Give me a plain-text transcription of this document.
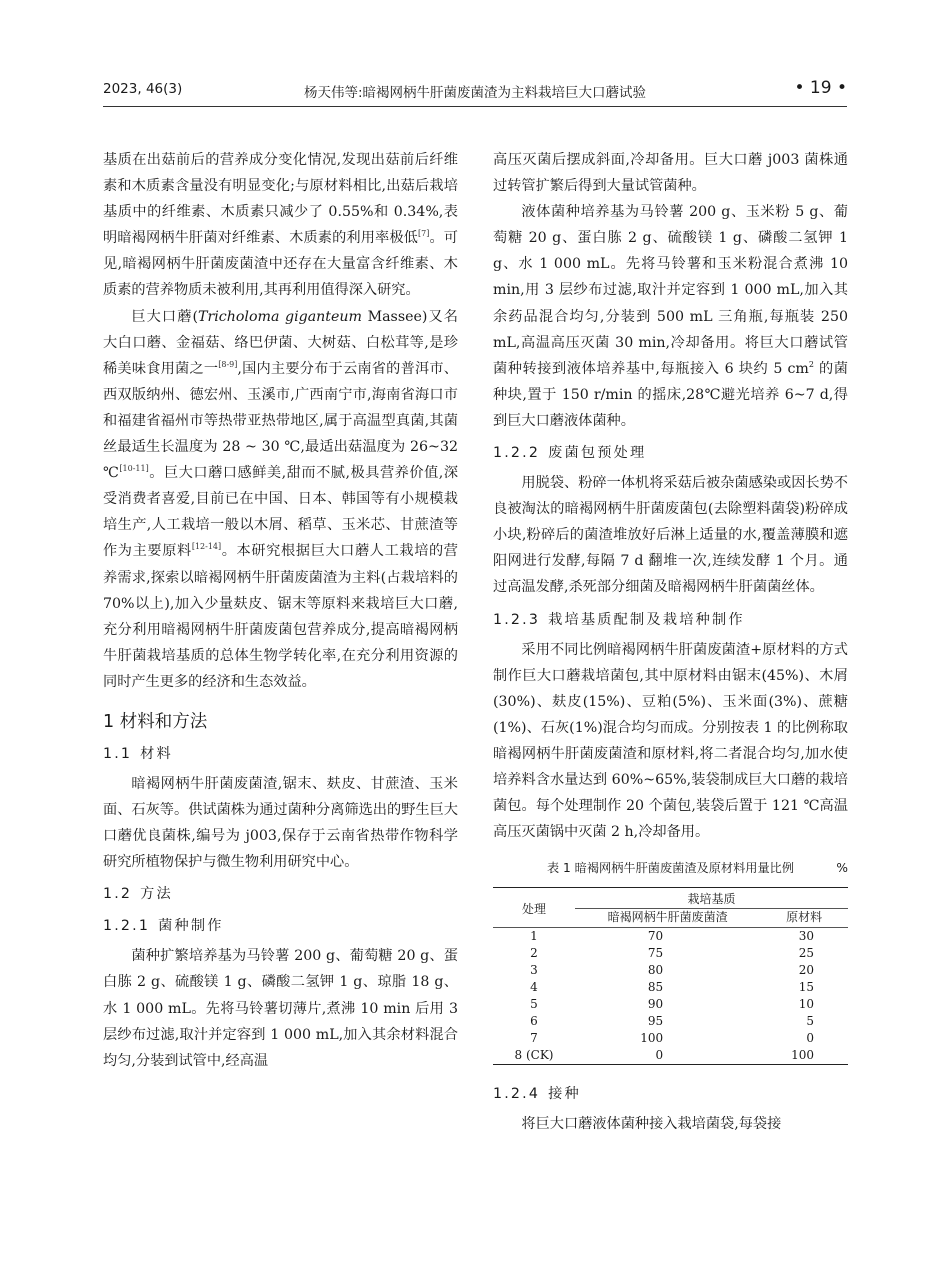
2023, 46(3)	杨天伟等:暗褐网柄牛肝菌废菌渣为主料栽培巨大口蘑试验	• 19 •

基质在出菇前后的营养成分变化情况,发现出菇前后纤维素和木质素含量没有明显变化;与原材料相比,出菇后栽培基质中的纤维素、木质素只减少了 0.55%和 0.34%,表明暗褐网柄牛肝菌对纤维素、木质素的利用率极低[7]。可见,暗褐网柄牛肝菌废菌渣中还存在大量富含纤维素、木质素的营养物质未被利用,其再利用值得深入研究。

巨大口蘑(Tricholoma giganteum Massee)又名大白口蘑、金福菇、络巴伊菌、大树菇、白松茸等,是珍稀美味食用菌之一[8-9],国内主要分布于云南省的普洱市、西双版纳州、德宏州、玉溪市,广西南宁市,海南省海口市和福建省福州市等热带亚热带地区,属于高温型真菌,其菌丝最适生长温度为 28 ~ 30 ℃,最适出菇温度为 26~32 ℃[10-11]。巨大口蘑口感鲜美,甜而不腻,极具营养价值,深受消费者喜爱,目前已在中国、日本、韩国等有小规模栽培生产,人工栽培一般以木屑、稻草、玉米芯、甘蔗渣等作为主要原料[12-14]。本研究根据巨大口蘑人工栽培的营养需求,探索以暗褐网柄牛肝菌废菌渣为主料(占栽培料的 70%以上),加入少量麸皮、锯末等原料来栽培巨大口蘑,充分利用暗褐网柄牛肝菌废菌包营养成分,提高暗褐网柄牛肝菌栽培基质的总体生物学转化率,在充分利用资源的同时产生更多的经济和生态效益。

1 材料和方法
1.1 材料

暗褐网柄牛肝菌废菌渣,锯末、麸皮、甘蔗渣、玉米面、石灰等。供试菌株为通过菌种分离筛选出的野生巨大口蘑优良菌株,编号为 j003,保存于云南省热带作物科学研究所植物保护与微生物利用研究中心。

1.2 方法
1.2.1 菌种制作

菌种扩繁培养基为马铃薯 200 g、葡萄糖 20 g、蛋白胨 2 g、硫酸镁 1 g、磷酸二氢钾 1 g、琼脂 18 g、水 1 000 mL。先将马铃薯切薄片,煮沸 10 min 后用 3 层纱布过滤,取汁并定容到 1 000 mL,加入其余材料混合均匀,分装到试管中,经高温

高压灭菌后摆成斜面,冷却备用。巨大口蘑 j003 菌株通过转管扩繁后得到大量试管菌种。

液体菌种培养基为马铃薯 200 g、玉米粉 5 g、葡萄糖 20 g、蛋白胨 2 g、硫酸镁 1 g、磷酸二氢钾 1 g、水 1 000 mL。先将马铃薯和玉米粉混合煮沸 10 min,用 3 层纱布过滤,取汁并定容到 1 000 mL,加入其余药品混合均匀,分装到 500 mL 三角瓶,每瓶装 250 mL,高温高压灭菌 30 min,冷却备用。将巨大口蘑试管菌种转接到液体培养基中,每瓶接入 6 块约 5 $cm^2$ 的菌种块,置于 150 r/min 的摇床,28℃避光培养 6~7 d,得到巨大口蘑液体菌种。

1.2.2 废菌包预处理

用脱袋、粉碎一体机将采菇后被杂菌感染或因长势不良被淘汰的暗褐网柄牛肝菌废菌包(去除塑料菌袋)粉碎成小块,粉碎后的菌渣堆放好后淋上适量的水,覆盖薄膜和遮阳网进行发酵,每隔 7 d 翻堆一次,连续发酵 1 个月。通过高温发酵,杀死部分细菌及暗褐网柄牛肝菌菌丝体。

1.2.3 栽培基质配制及栽培种制作

采用不同比例暗褐网柄牛肝菌废菌渣+原材料的方式制作巨大口蘑栽培菌包,其中原材料由锯末(45%)、木屑(30%)、麸皮(15%)、豆粕(5%)、玉米面(3%)、蔗糖(1%)、石灰(1%)混合均匀而成。分别按表 1 的比例称取暗褐网柄牛肝菌废菌渣和原材料,将二者混合均匀,加水使培养料含水量达到 60%~65%,装袋制成巨大口蘑的栽培菌包。每个处理制作 20 个菌包,装袋后置于 121 ℃高温高压灭菌锅中灭菌 2 h,冷却备用。

表 1 暗褐网柄牛肝菌废菌渣及原材料用量比例	%
处理	栽培基质	
	暗褐网柄牛肝菌废菌渣	原材料
1	70	30
2	75	25
3	80	20
4	85	15
5	90	10
6	95	5
7	100	0
8 (CK)	0	100
1.2.4 接种

将巨大口蘑液体菌种接入栽培菌袋,每袋接
